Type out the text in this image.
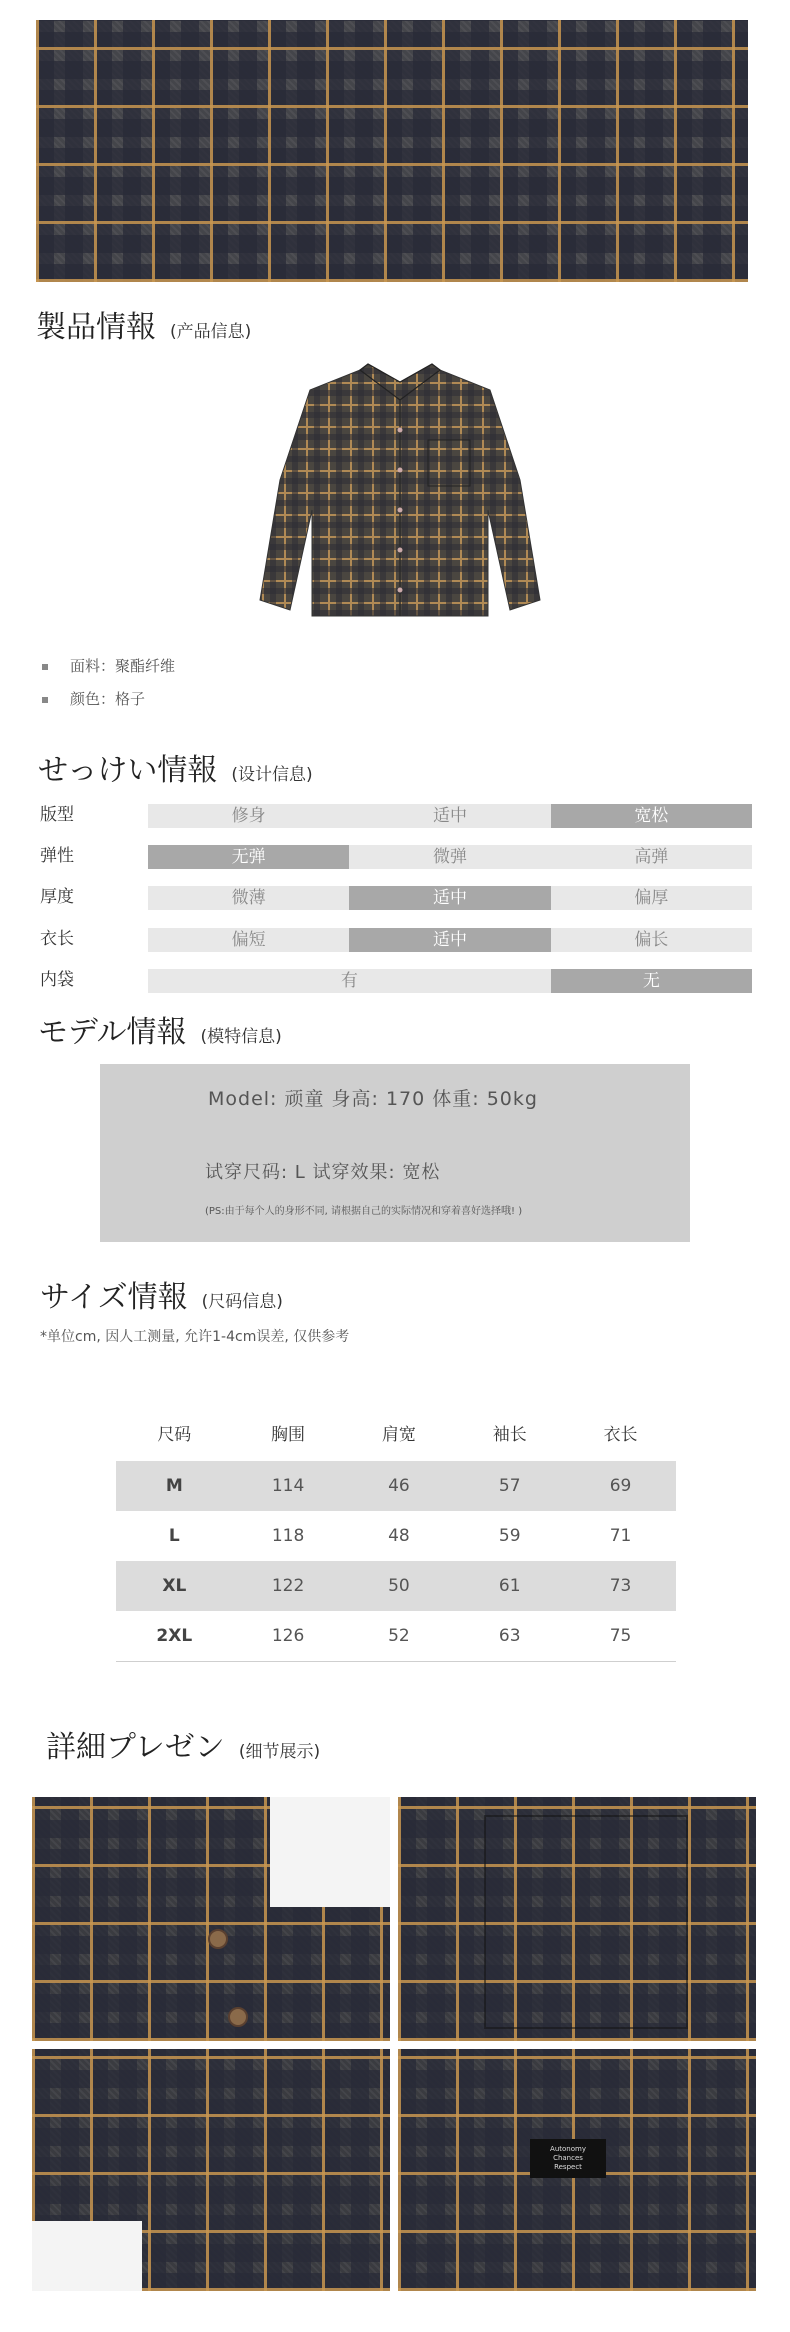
製品情報 (产品信息)
面料：聚酯纤维
颜色：格子
せっけい情報 (设计信息)
版型	修身	适中	宽松
弹性	无弹	微弹	高弹
厚度	微薄	适中	偏厚
衣长	偏短	适中	偏长
内袋	有	无
モデル情報 (模特信息)
Model: 顽童 身高: 170 体重: 50kg
试穿尺码: L 试穿效果: 宽松
(PS:由于每个人的身形不同, 请根据自己的实际情况和穿着喜好选择哦! )
サイズ情報 (尺码信息)
*单位cm, 因人工测量, 允许1-4cm误差, 仅供参考
尺码	胸围	肩宽	袖长	衣长
M	114	46	57	69
L	118	48	59	71
XL	122	50	61	73
2XL	126	52	63	75
詳細プレゼン (细节展示)
Autonomy Chances Respect
